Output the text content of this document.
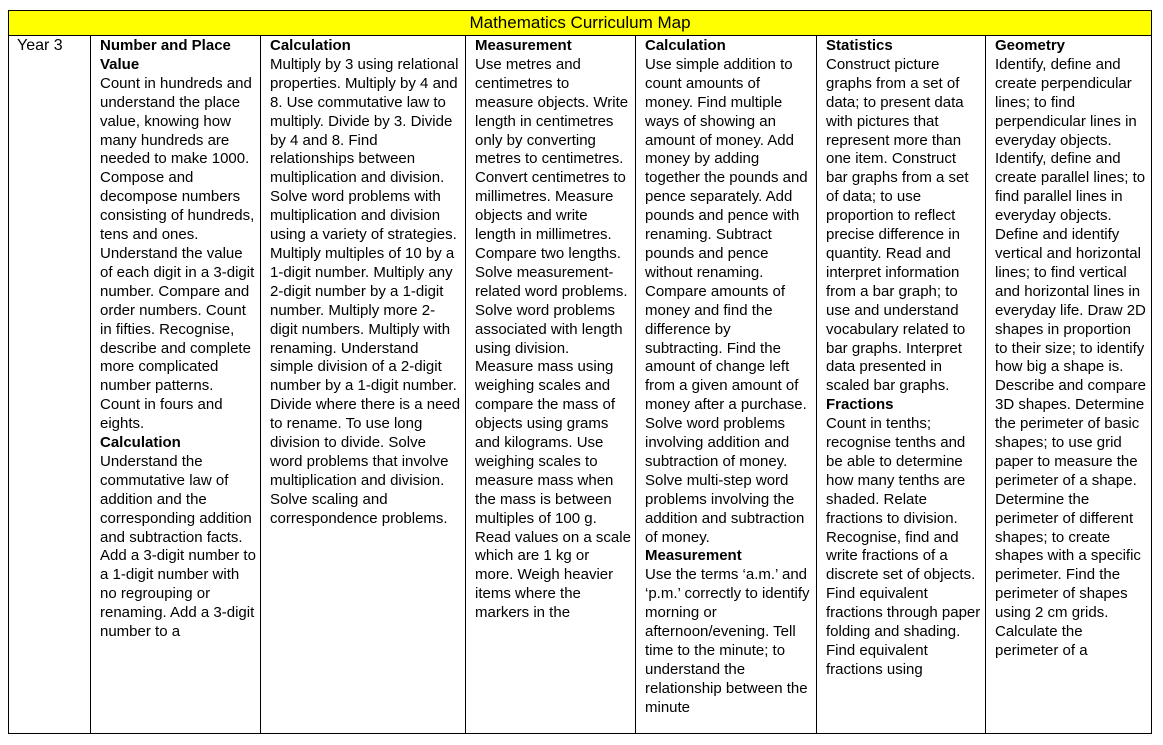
Mathematics Curriculum Map
Year 3	Number and Place Value
Count in hundreds and understand the place value, knowing how many hundreds are needed to make 1000. Compose and decompose numbers consisting of hundreds, tens and ones. Understand the value of each digit in a 3-digit number. Compare and order numbers. Count in fifties. Recognise, describe and complete more complicated number patterns. Count in fours and eights.
Calculation
Understand the commutative law of addition and the corresponding addition and subtraction facts. Add a 3-digit number to a 1-digit number with no regrouping or renaming. Add a 3-digit number to a
Calculation
Multiply by 3 using relational properties. Multiply by 4 and 8. Use commutative law to multiply. Divide by 3. Divide by 4 and 8. Find relationships between multiplication and division. Solve word problems with multiplication and division using a variety of strategies. Multiply multiples of 10 by a 1-digit number. Multiply any 2-digit number by a 1-digit number. Multiply more 2-digit numbers. Multiply with renaming. Understand simple division of a 2-digit number by a 1-digit number. Divide where there is a need to rename. To use long division to divide. Solve word problems that involve multiplication and division. Solve scaling and correspondence problems.
Measurement
Use metres and centimetres to measure objects. Write length in centimetres only by converting metres to centimetres. Convert centimetres to millimetres. Measure objects and write length in millimetres. Compare two lengths. Solve measurement-related word problems. Solve word problems associated with length using division. Measure mass using weighing scales and compare the mass of objects using grams and kilograms. Use weighing scales to measure mass when the mass is between multiples of 100 g. Read values on a scale which are 1 kg or more. Weigh heavier items where the markers in the
Calculation
Use simple addition to count amounts of money. Find multiple ways of showing an amount of money. Add money by adding together the pounds and pence separately. Add pounds and pence with renaming. Subtract pounds and pence without renaming. Compare amounts of money and find the difference by subtracting. Find the amount of change left from a given amount of money after a purchase. Solve word problems involving addition and subtraction of money. Solve multi-step word problems involving the addition and subtraction of money.
Measurement
Use the terms ‘a.m.’ and ‘p.m.’ correctly to identify morning or afternoon/evening. Tell time to the minute; to understand the relationship between the minute
Statistics
Construct picture graphs from a set of data; to present data with pictures that represent more than one item. Construct bar graphs from a set of data; to use proportion to reflect precise difference in quantity. Read and interpret information from a bar graph; to use and understand vocabulary related to bar graphs. Interpret data presented in scaled bar graphs.
Fractions
Count in tenths; recognise tenths and be able to determine how many tenths are shaded. Relate fractions to division. Recognise, find and write fractions of a discrete set of objects. Find equivalent fractions through paper folding and shading. Find equivalent fractions using
Geometry
Identify, define and create perpendicular lines; to find perpendicular lines in everyday objects. Identify, define and create parallel lines; to find parallel lines in everyday objects. Define and identify vertical and horizontal lines; to find vertical and horizontal lines in everyday life. Draw 2D shapes in proportion to their size; to identify how big a shape is. Describe and compare 3D shapes. Determine the perimeter of basic shapes; to use grid paper to measure the perimeter of a shape. Determine the perimeter of different shapes; to create shapes with a specific perimeter. Find the perimeter of shapes using 2 cm grids. Calculate the perimeter of a
